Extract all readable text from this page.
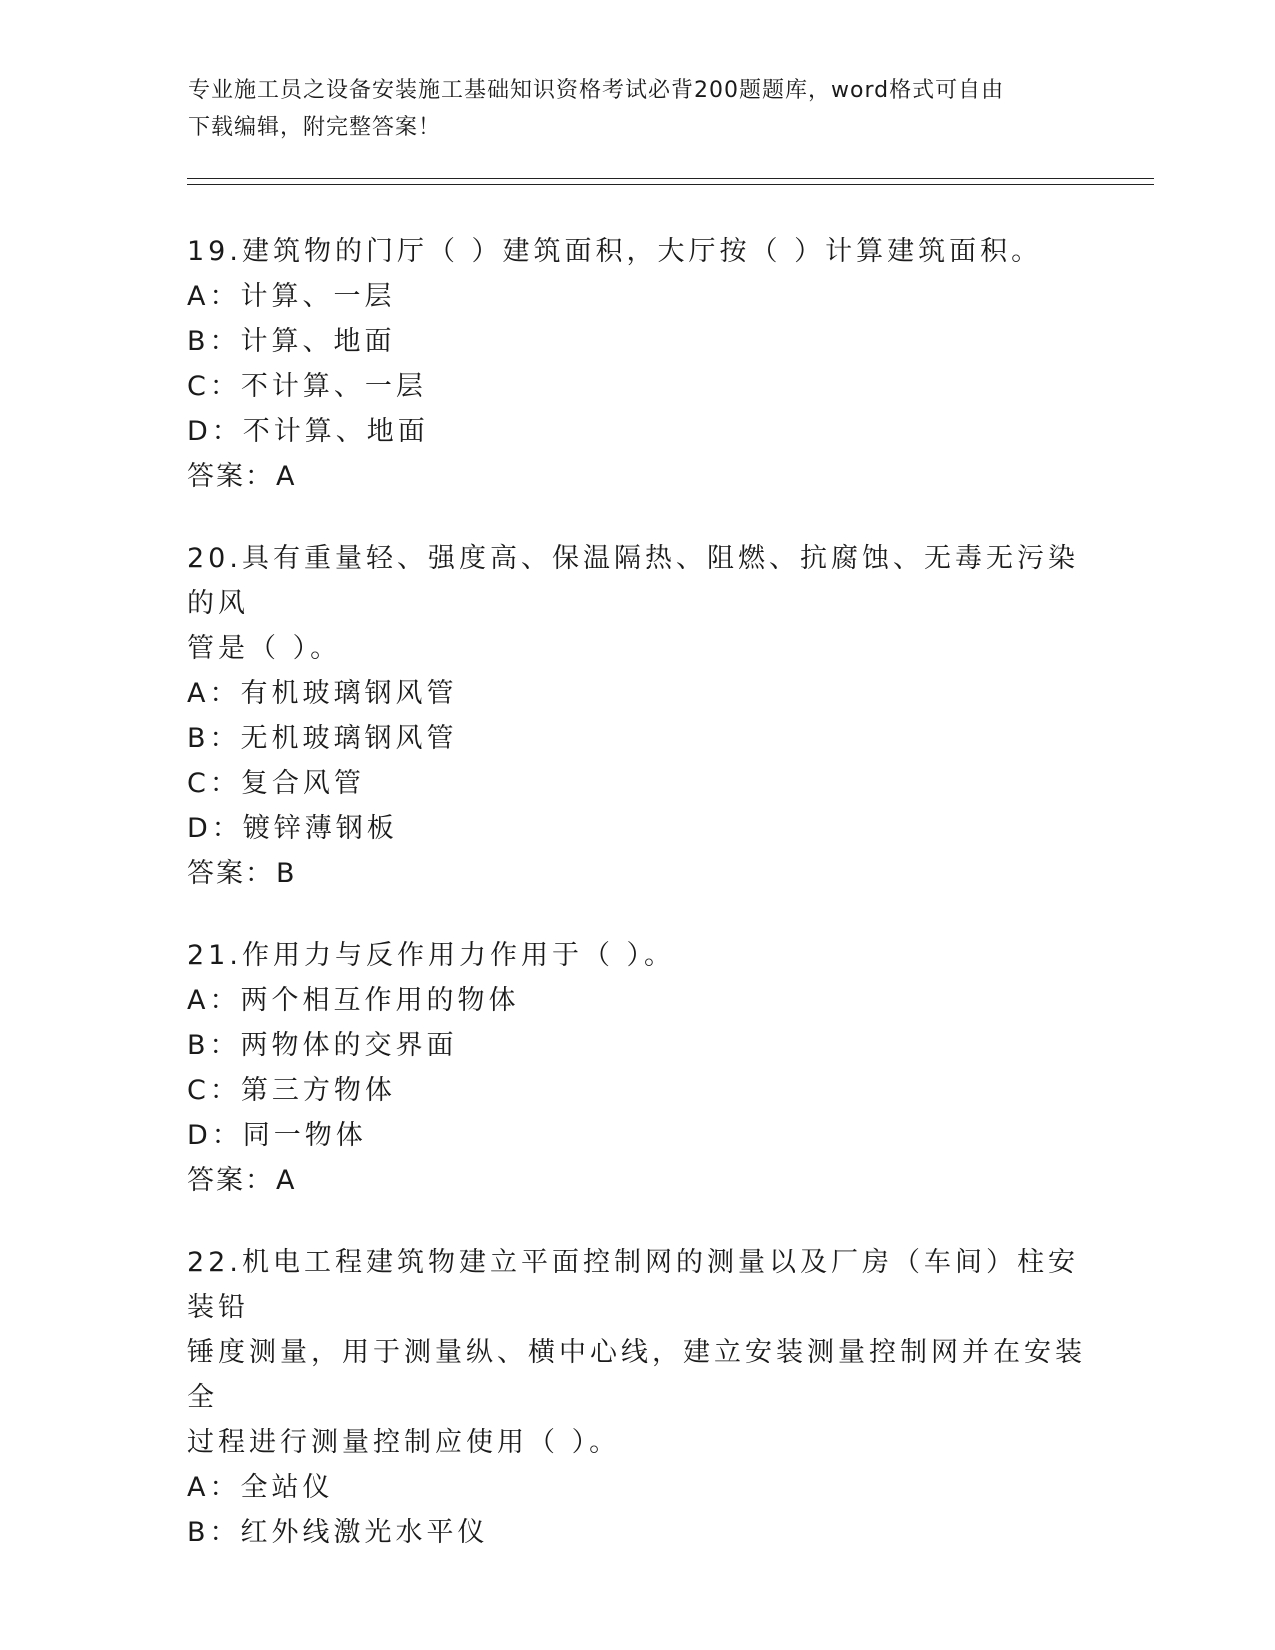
专业施工员之设备安装施工基础知识资格考试必背200题题库，word格式可自由
下载编辑，附完整答案！
19.建筑物的门厅（ ）建筑面积，大厅按（ ）计算建筑面积。
A：计算、一层
B：计算、地面
C：不计算、一层
D：不计算、地面
答案：A
20.具有重量轻、强度高、保温隔热、阻燃、抗腐蚀、无毒无污染的风
管是（ ）。
A：有机玻璃钢风管
B：无机玻璃钢风管
C：复合风管
D：镀锌薄钢板
答案：B
21.作用力与反作用力作用于（ ）。
A：两个相互作用的物体
B：两物体的交界面
C：第三方物体
D：同一物体
答案：A
22.机电工程建筑物建立平面控制网的测量以及厂房（车间）柱安装铅
锤度测量，用于测量纵、横中心线，建立安装测量控制网并在安装全
过程进行测量控制应使用（ ）。
A：全站仪
B：红外线激光水平仪
